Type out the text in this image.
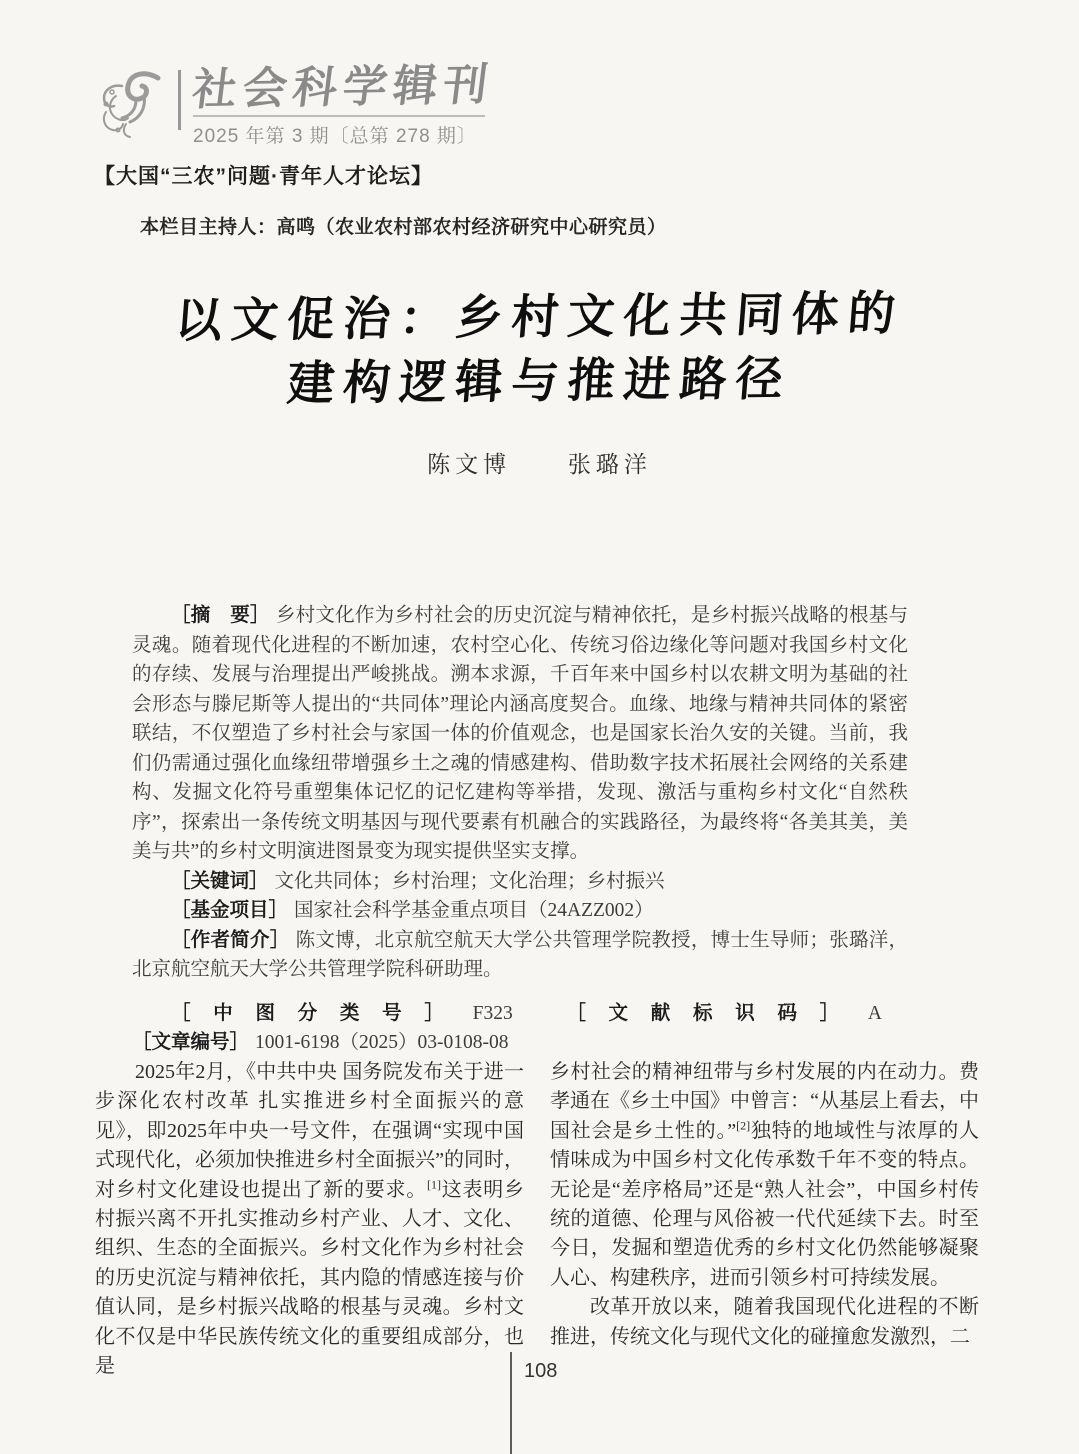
社会科学辑刊
2025 年第 3 期〔总第 278 期〕
【大国“三农”问题·青年人才论坛】
本栏目主持人：高鸣（农业农村部农村经济研究中心研究员）
以文促治：乡村文化共同体的
建构逻辑与推进路径
陈文博 张璐洋

［摘　要］ 乡村文化作为乡村社会的历史沉淀与精神依托，是乡村振兴战略的根基与灵魂。随着现代化进程的不断加速，农村空心化、传统习俗边缘化等问题对我国乡村文化的存续、发展与治理提出严峻挑战。溯本求源，千百年来中国乡村以农耕文明为基础的社会形态与滕尼斯等人提出的“共同体”理论内涵高度契合。血缘、地缘与精神共同体的紧密联结，不仅塑造了乡村社会与家国一体的价值观念，也是国家长治久安的关键。当前，我们仍需通过强化血缘纽带增强乡土之魂的情感建构、借助数字技术拓展社会网络的关系建构、发掘文化符号重塑集体记忆的记忆建构等举措，发现、激活与重构乡村文化“自然秩序”，探索出一条传统文明基因与现代要素有机融合的实践路径，为最终将“各美其美，美美与共”的乡村文明演进图景变为现实提供坚实支撑。

［关键词］ 文化共同体；乡村治理；文化治理；乡村振兴

［基金项目］ 国家社会科学基金重点项目（24AZZ002）

［作者简介］ 陈文博，北京航空航天大学公共管理学院教授，博士生导师；张璐洋，北京航空航天大学公共管理学院科研助理。

［中图分类号］ F323	［文献标识码］ A ［文章编号］ 1001-6198（2025）03-0108-08

2025年2月，《中共中央 国务院发布关于进一步深化农村改革 扎实推进乡村全面振兴的意见》，即2025年中央一号文件，在强调“实现中国式现代化，必须加快推进乡村全面振兴”的同时，对乡村文化建设也提出了新的要求。[1]这表明乡村振兴离不开扎实推动乡村产业、人才、文化、组织、生态的全面振兴。乡村文化作为乡村社会的历史沉淀与精神依托，其内隐的情感连接与价值认同，是乡村振兴战略的根基与灵魂。乡村文化不仅是中华民族传统文化的重要组成部分，也是

乡村社会的精神纽带与乡村发展的内在动力。费孝通在《乡土中国》中曾言：“从基层上看去，中国社会是乡土性的。”[2]独特的地域性与浓厚的人情味成为中国乡村文化传承数千年不变的特点。无论是“差序格局”还是“熟人社会”，中国乡村传统的道德、伦理与风俗被一代代延续下去。时至今日，发掘和塑造优秀的乡村文化仍然能够凝聚人心、构建秩序，进而引领乡村可持续发展。

改革开放以来，随着我国现代化进程的不断推进，传统文化与现代文化的碰撞愈发激烈，二

108
